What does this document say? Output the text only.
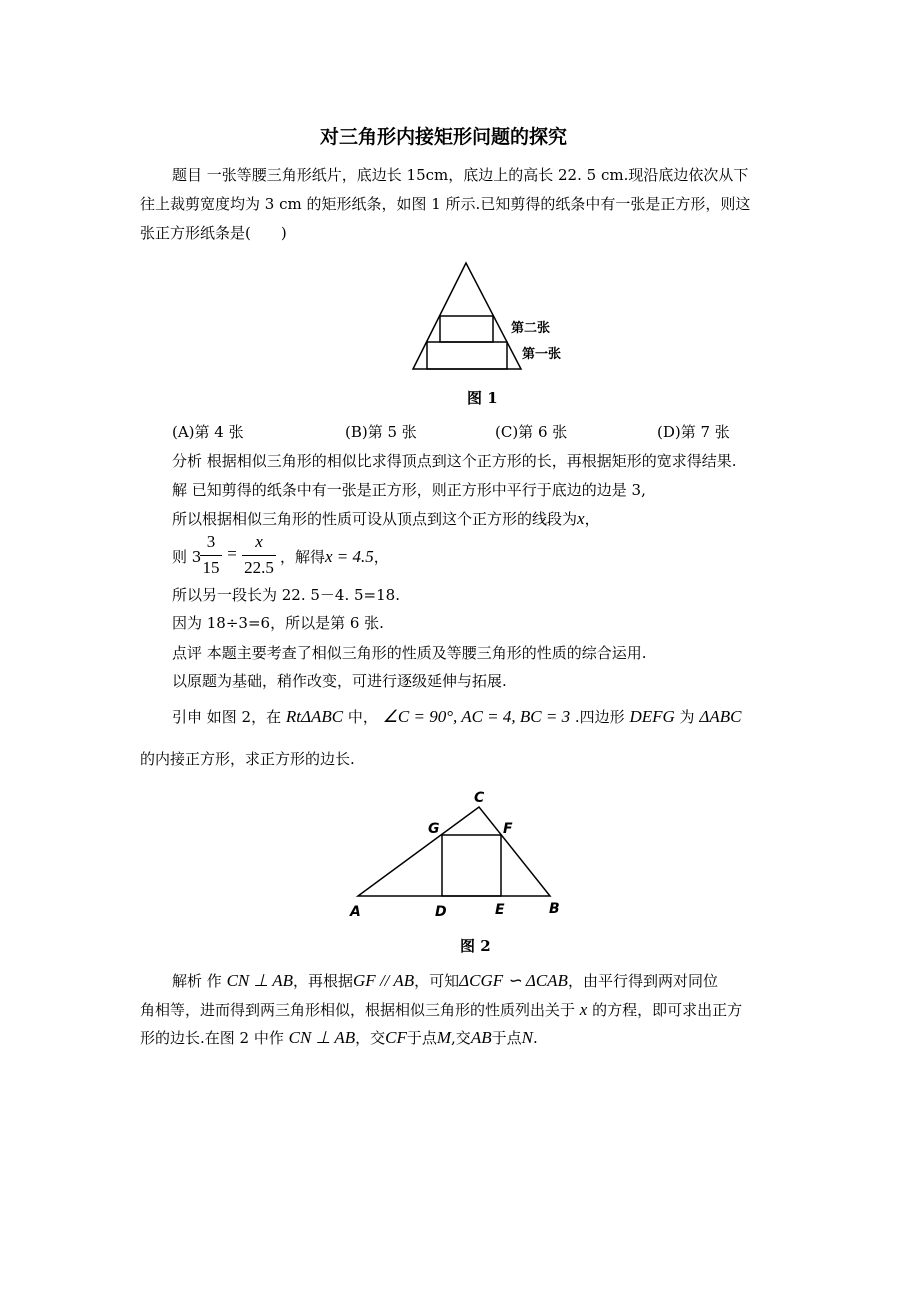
对三角形内接矩形问题的探究
题目 一张等腰三角形纸片，底边长 15cm，底边上的高长 22. 5 cm.现沿底边依次从下
往上裁剪宽度均为 3 cm 的矩形纸条，如图 1 所示.已知剪得的纸条中有一张是正方形，则这
张正方形纸条是(　　)
第二张
第一张
图 1
(A)第 4 张	(B)第 5 张	(C)第 6 张	(D)第 7 张
分析 根据相似三角形的相似比求得顶点到这个正方形的长，再根据矩形的宽求得结果.
解 已知剪得的纸条中有一张是正方形，则正方形中平行于底边的边是 3,
所以根据相似三角形的性质可设从顶点到这个正方形的线段为x，
则 3
3
15
=
x
22.5
，解得x = 4.5，
所以另一段长为 22. 5－4. 5=18.
因为 18÷3=6，所以是第 6 张.
点评 本题主要考查了相似三角形的性质及等腰三角形的性质的综合运用.
以原题为基础，稍作改变，可进行逐级延伸与拓展.
引申 如图 2，在 RtΔABC 中， ∠C = 90°, AC = 4, BC = 3 .四边形 DEFG 为 ΔABC
的内接正方形，求正方形的边长.
C
G	F
A	D	E	B
图 2
解析 作 CN ⊥ AB，再根据GF // AB，可知ΔCGF ∽ ΔCAB，由平行得到两对同位
角相等，进而得到两三角形相似，根据相似三角形的性质列出关于 x 的方程，即可求出正方
形的边长.在图 2 中作 CN ⊥ AB，交CF于点M,交AB于点N.
